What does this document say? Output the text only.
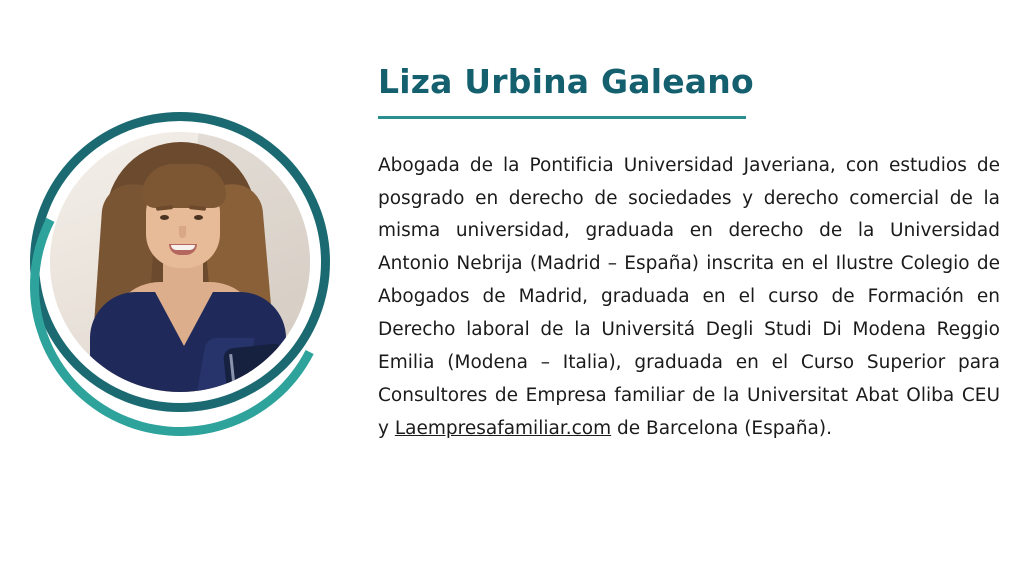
Liza Urbina Galeano

Abogada de la Pontificia Universidad Javeriana, con estudios de posgrado en derecho de sociedades y derecho comercial de la misma universidad, graduada en derecho de la Universidad Antonio Nebrija (Madrid – España) inscrita en el Ilustre Colegio de Abogados de Madrid, graduada en el curso de Formación en Derecho laboral de la Universitá Degli Studi Di Modena Reggio Emilia (Modena – Italia), graduada en el Curso Superior para Consultores de Empresa familiar de la Universitat Abat Oliba CEU y Laempresafamiliar.com de Barcelona (España).
